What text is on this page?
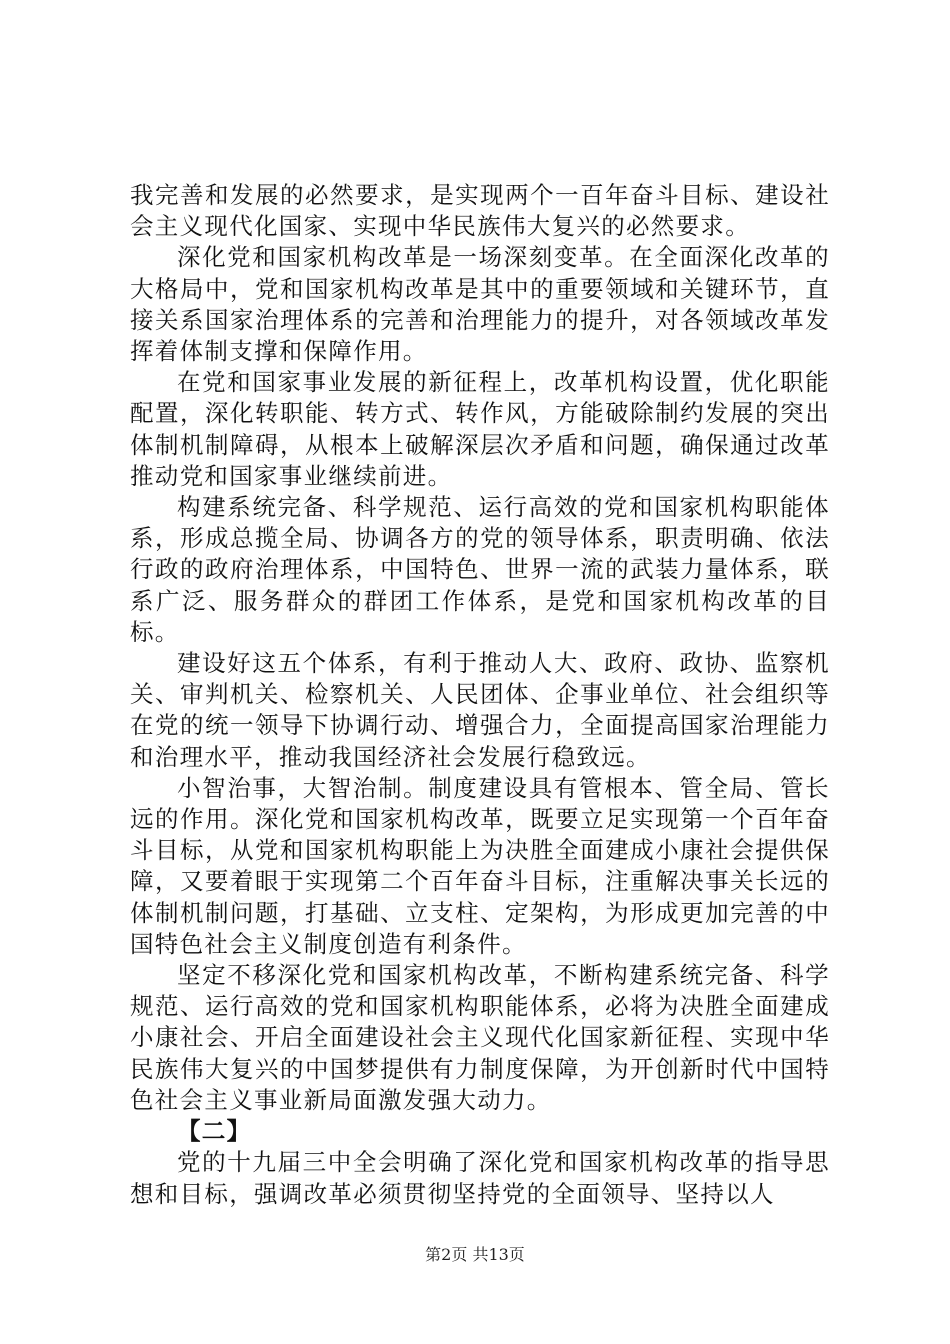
我完善和发展的必然要求，是实现两个一百年奋斗目标、建设社会主义现代化国家、实现中华民族伟大复兴的必然要求。

深化党和国家机构改革是一场深刻变革。在全面深化改革的大格局中，党和国家机构改革是其中的重要领域和关键环节，直接关系国家治理体系的完善和治理能力的提升，对各领域改革发挥着体制支撑和保障作用。

在党和国家事业发展的新征程上，改革机构设置，优化职能配置，深化转职能、转方式、转作风，方能破除制约发展的突出体制机制障碍，从根本上破解深层次矛盾和问题，确保通过改革推动党和国家事业继续前进。

构建系统完备、科学规范、运行高效的党和国家机构职能体系，形成总揽全局、协调各方的党的领导体系，职责明确、依法行政的政府治理体系，中国特色、世界一流的武装力量体系，联系广泛、服务群众的群团工作体系，是党和国家机构改革的目标。

建设好这五个体系，有利于推动人大、政府、政协、监察机关、审判机关、检察机关、人民团体、企事业单位、社会组织等在党的统一领导下协调行动、增强合力，全面提高国家治理能力和治理水平，推动我国经济社会发展行稳致远。

小智治事，大智治制。制度建设具有管根本、管全局、管长远的作用。深化党和国家机构改革，既要立足实现第一个百年奋斗目标，从党和国家机构职能上为决胜全面建成小康社会提供保障，又要着眼于实现第二个百年奋斗目标，注重解决事关长远的体制机制问题，打基础、立支柱、定架构，为形成更加完善的中国特色社会主义制度创造有利条件。

坚定不移深化党和国家机构改革，不断构建系统完备、科学规范、运行高效的党和国家机构职能体系，必将为决胜全面建成小康社会、开启全面建设社会主义现代化国家新征程、实现中华民族伟大复兴的中国梦提供有力制度保障，为开创新时代中国特色社会主义事业新局面激发强大动力。

【二】

党的十九届三中全会明确了深化党和国家机构改革的指导思想和目标，强调改革必须贯彻坚持党的全面领导、坚持以人

第2页 共13页
